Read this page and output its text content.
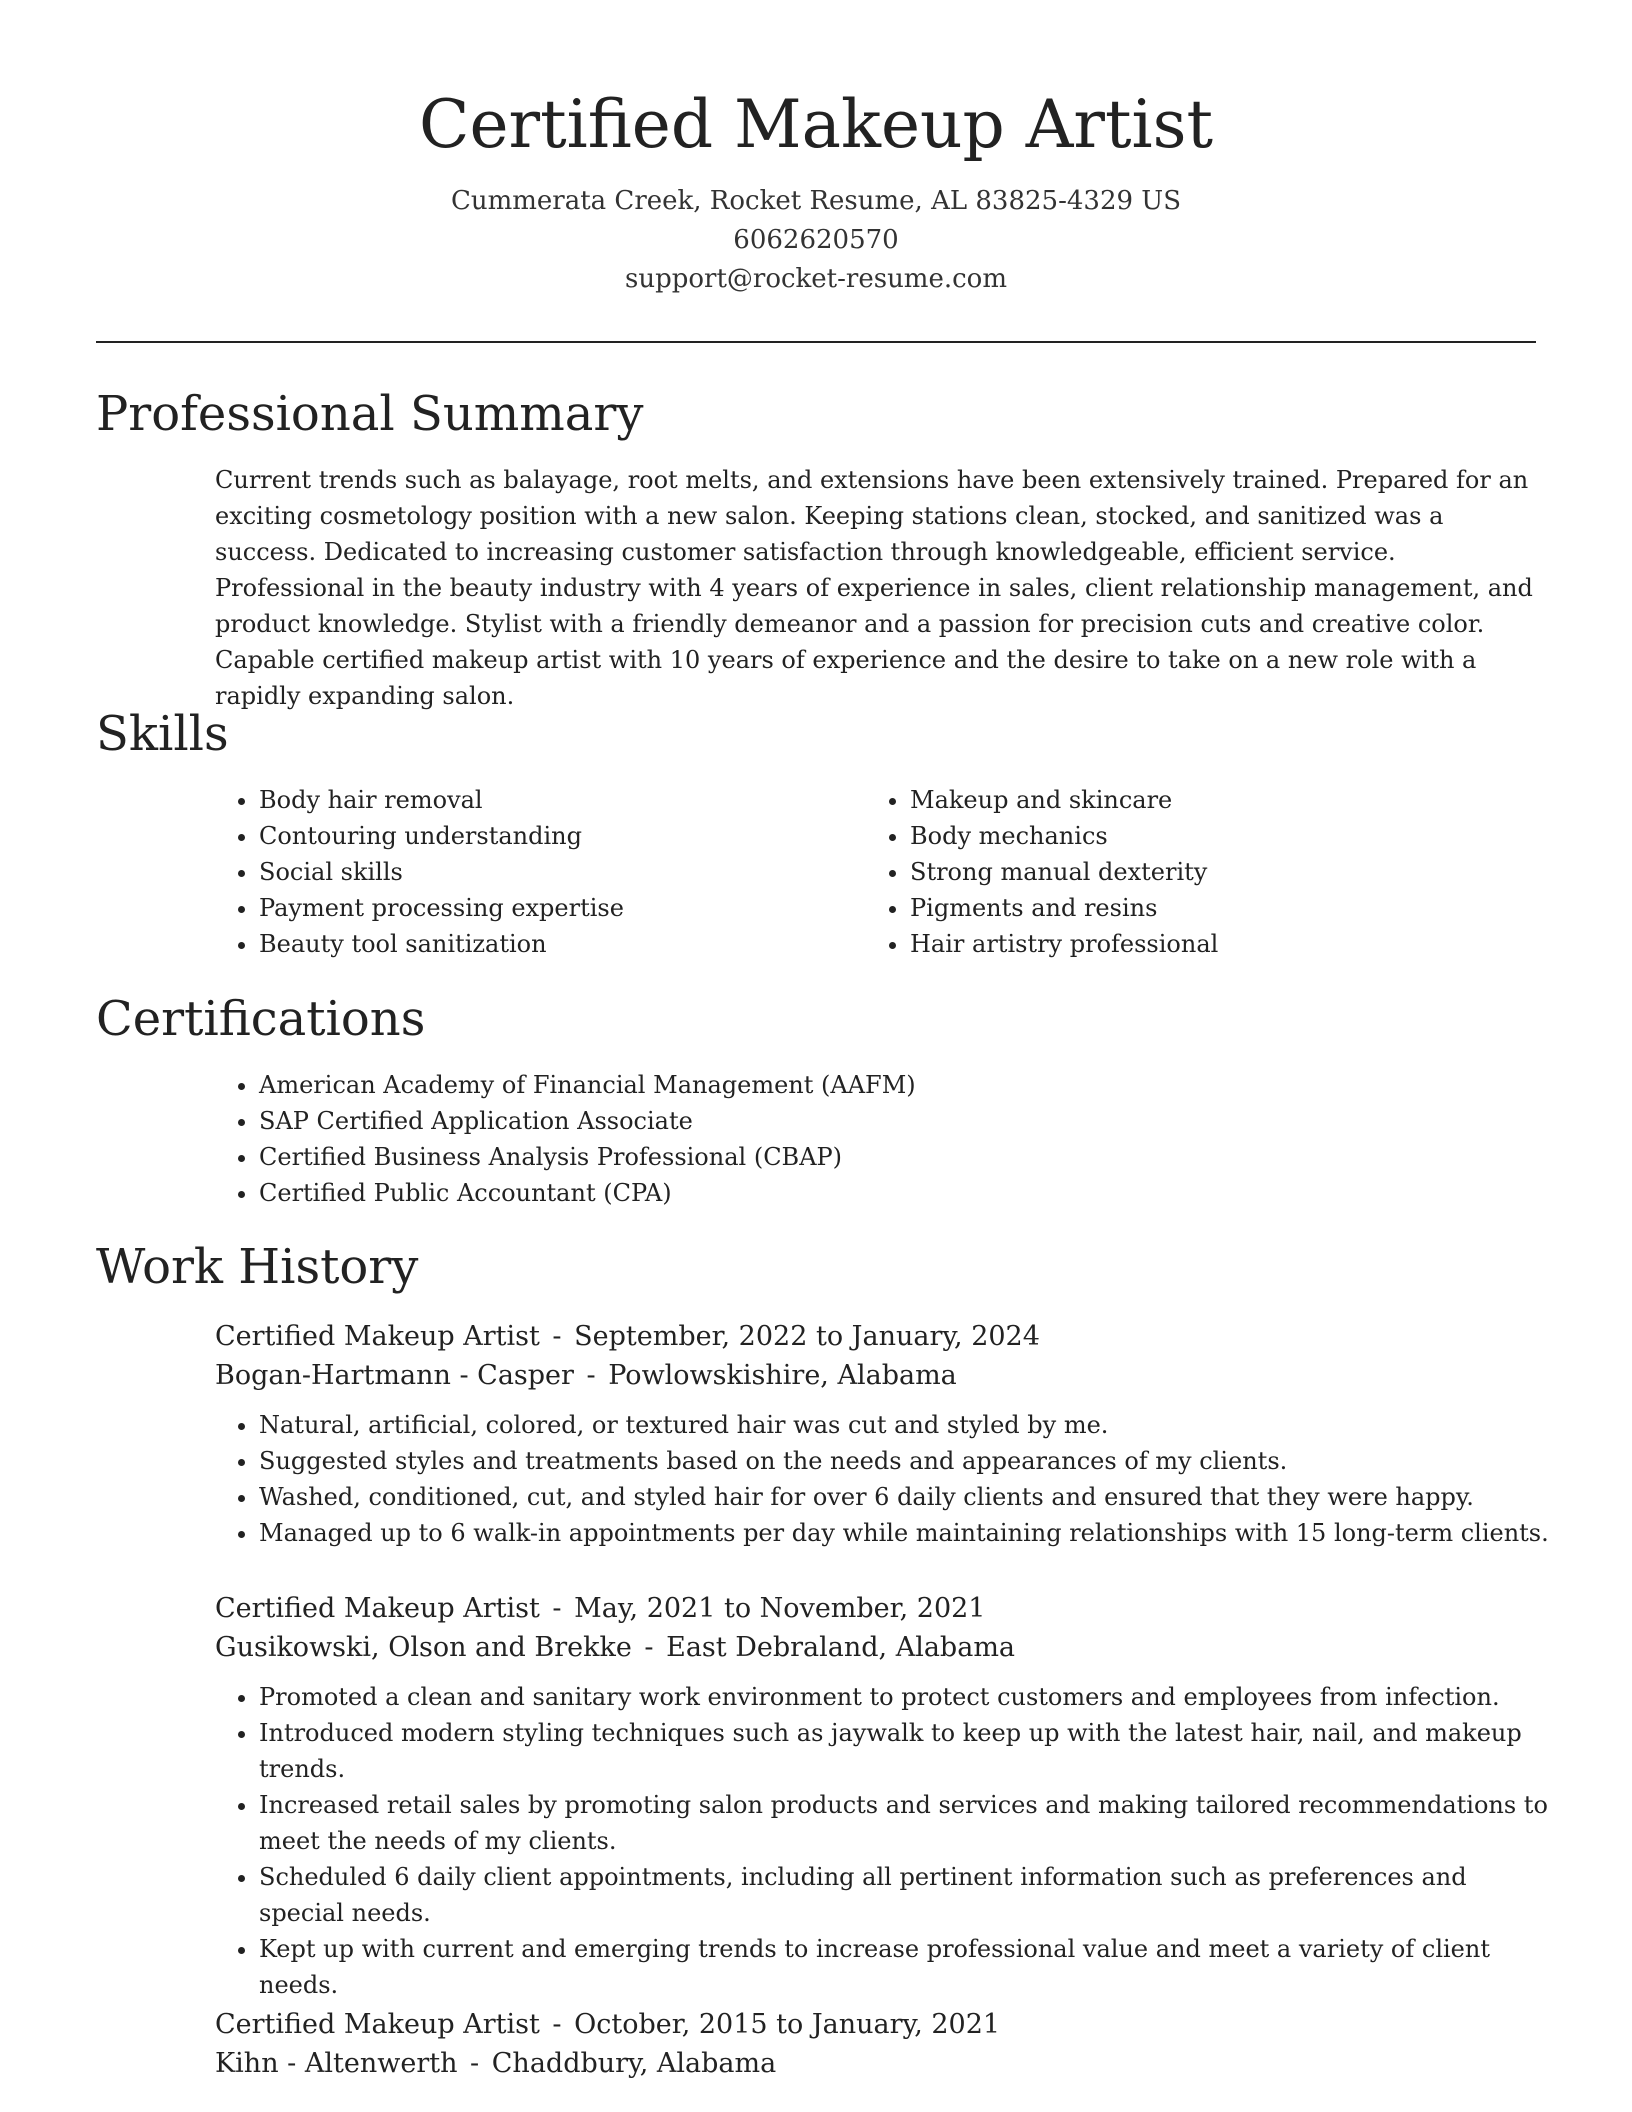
Certified Makeup Artist
Cummerata Creek, Rocket Resume, AL 83825-4329 US
6062620570
support@rocket-resume.com
Professional Summary

Current trends such as balayage, root melts, and extensions have been extensively trained. Prepared for an exciting cosmetology position with a new salon. Keeping stations clean, stocked, and sanitized was a success. Dedicated to increasing customer satisfaction through knowledgeable, efficient service. Professional in the beauty industry with 4 years of experience in sales, client relationship management, and product knowledge. Stylist with a friendly demeanor and a passion for precision cuts and creative color. Capable certified makeup artist with 10 years of experience and the desire to take on a new role with a rapidly expanding salon.

Skills
• Body hair removal
• Contouring understanding
• Social skills
• Payment processing expertise
• Beauty tool sanitization
• Makeup and skincare
• Body mechanics
• Strong manual dexterity
• Pigments and resins
• Hair artistry professional
Certifications
• American Academy of Financial Management (AAFM)
• SAP Certified Application Associate
• Certified Business Analysis Professional (CBAP)
• Certified Public Accountant (CPA)
Work History
Certified Makeup Artist - September, 2022 to January, 2024
Bogan-Hartmann - Casper - Powlowskishire, Alabama
• Natural, artificial, colored, or textured hair was cut and styled by me.
• Suggested styles and treatments based on the needs and appearances of my clients.
• Washed, conditioned, cut, and styled hair for over 6 daily clients and ensured that they were happy.
• Managed up to 6 walk-in appointments per day while maintaining relationships with 15 long-term clients.
Certified Makeup Artist - May, 2021 to November, 2021
Gusikowski, Olson and Brekke - East Debraland, Alabama
• Promoted a clean and sanitary work environment to protect customers and employees from infection.
• Introduced modern styling techniques such as jaywalk to keep up with the latest hair, nail, and makeup trends.
• Increased retail sales by promoting salon products and services and making tailored recommendations to meet the needs of my clients.
• Scheduled 6 daily client appointments, including all pertinent information such as preferences and special needs.
• Kept up with current and emerging trends to increase professional value and meet a variety of client needs.
Certified Makeup Artist - October, 2015 to January, 2021
Kihn - Altenwerth - Chaddbury, Alabama
